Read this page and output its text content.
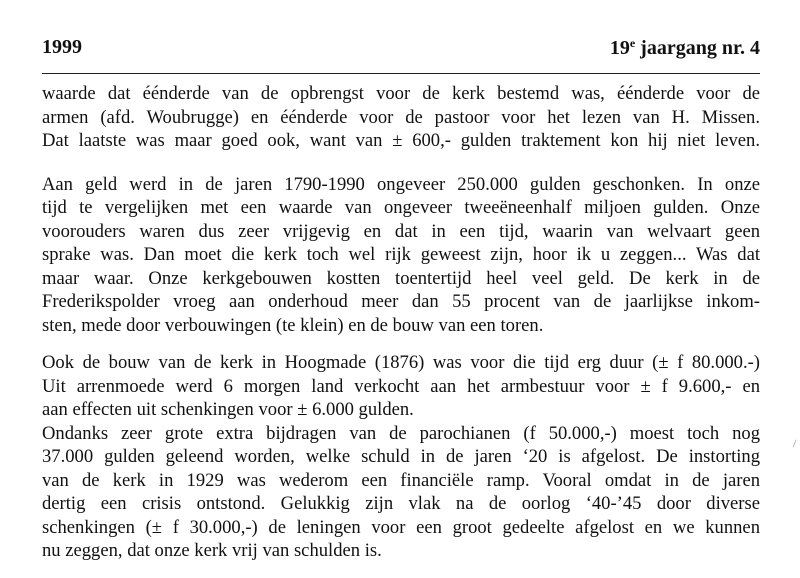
1999	19e jaargang nr. 4

waarde dat éénderde van de opbrengst voor de kerk bestemd was, éénderde voor de
armen (afd. Woubrugge) en éénderde voor de pastoor voor het lezen van H. Missen.
Dat laatste was maar goed ook, want van ± 600,- gulden traktement kon hij niet leven.

Aan geld werd in de jaren 1790-1990 ongeveer 250.000 gulden geschonken. In onze
tijd te vergelijken met een waarde van ongeveer tweeëneenhalf miljoen gulden. Onze
voorouders waren dus zeer vrijgevig en dat in een tijd, waarin van welvaart geen
sprake was. Dan moet die kerk toch wel rijk geweest zijn, hoor ik u zeggen... Was dat
maar waar. Onze kerkgebouwen kostten toentertijd heel veel geld. De kerk in de
Frederikspolder vroeg aan onderhoud meer dan 55 procent van de jaarlijkse inkom-
sten, mede door verbouwingen (te klein) en de bouw van een toren.

Ook de bouw van de kerk in Hoogmade (1876) was voor die tijd erg duur (± f 80.000.-)
Uit arrenmoede werd 6 morgen land verkocht aan het armbestuur voor ± f 9.600,- en
aan effecten uit schenkingen voor ± 6.000 gulden.

Ondanks zeer grote extra bijdragen van de parochianen (f 50.000,-) moest toch nog
37.000 gulden geleend worden, welke schuld in de jaren ‘20 is afgelost. De instorting
van de kerk in 1929 was wederom een financiële ramp. Vooral omdat in de jaren
dertig een crisis ontstond. Gelukkig zijn vlak na de oorlog ‘40-’45 door diverse
schenkingen (± f 30.000,-) de leningen voor een groot gedeelte afgelost en we kunnen
nu zeggen, dat onze kerk vrij van schulden is.
